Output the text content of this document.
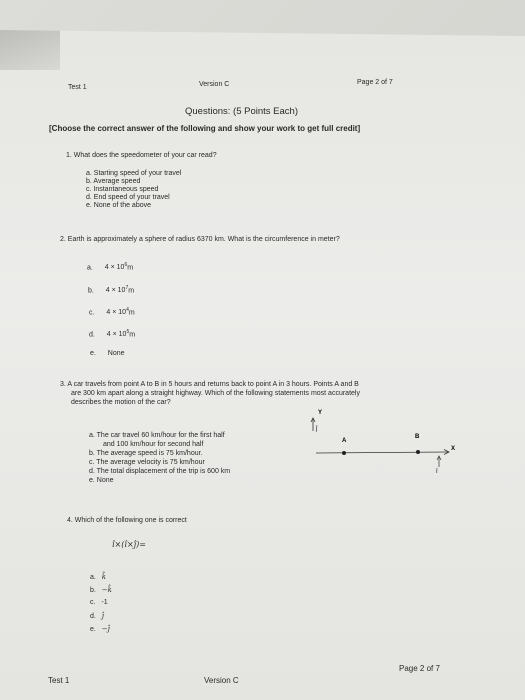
Test 1	Version C	Page 2 of 7
Questions: (5 Points Each)
[Choose the correct answer of the following and show your work to get full credit]
1. What does the speedometer of your car read?
a. Starting speed of your travel
b. Average speed
c. Instantaneous speed
d. End speed of your travel
e. None of the above
2. Earth is approximately a sphere of radius 6370 km. What is the circumference in meter?
a. $4 \times 10^6m$
b. $4 \times 10^7m$
c. $4 \times 10^4m$
d. $4 \times 10^5m$
e. None
3. A car travels from point A to B in 5 hours and returns back to point A in 3 hours. Points A and B
are 300 km apart along a straight highway. Which of the following statements most accurately
describes the motion of the car?
a. The car travel 60 km/hour for the first half
and 100 km/hour for second half
b. The average speed is 75 km/hour.
c. The average velocity is 75 km/hour
d. The total displacement of the trip is 600 km
e. None
Y
ĵ
X
A
B
î
4. Which of the following one is correct
î×(î×ĵ)=
a. k̂
b. −k̂
c. -1
d. ĵ
e. −ĵ
Test 1	Version C
Page 2 of 7
